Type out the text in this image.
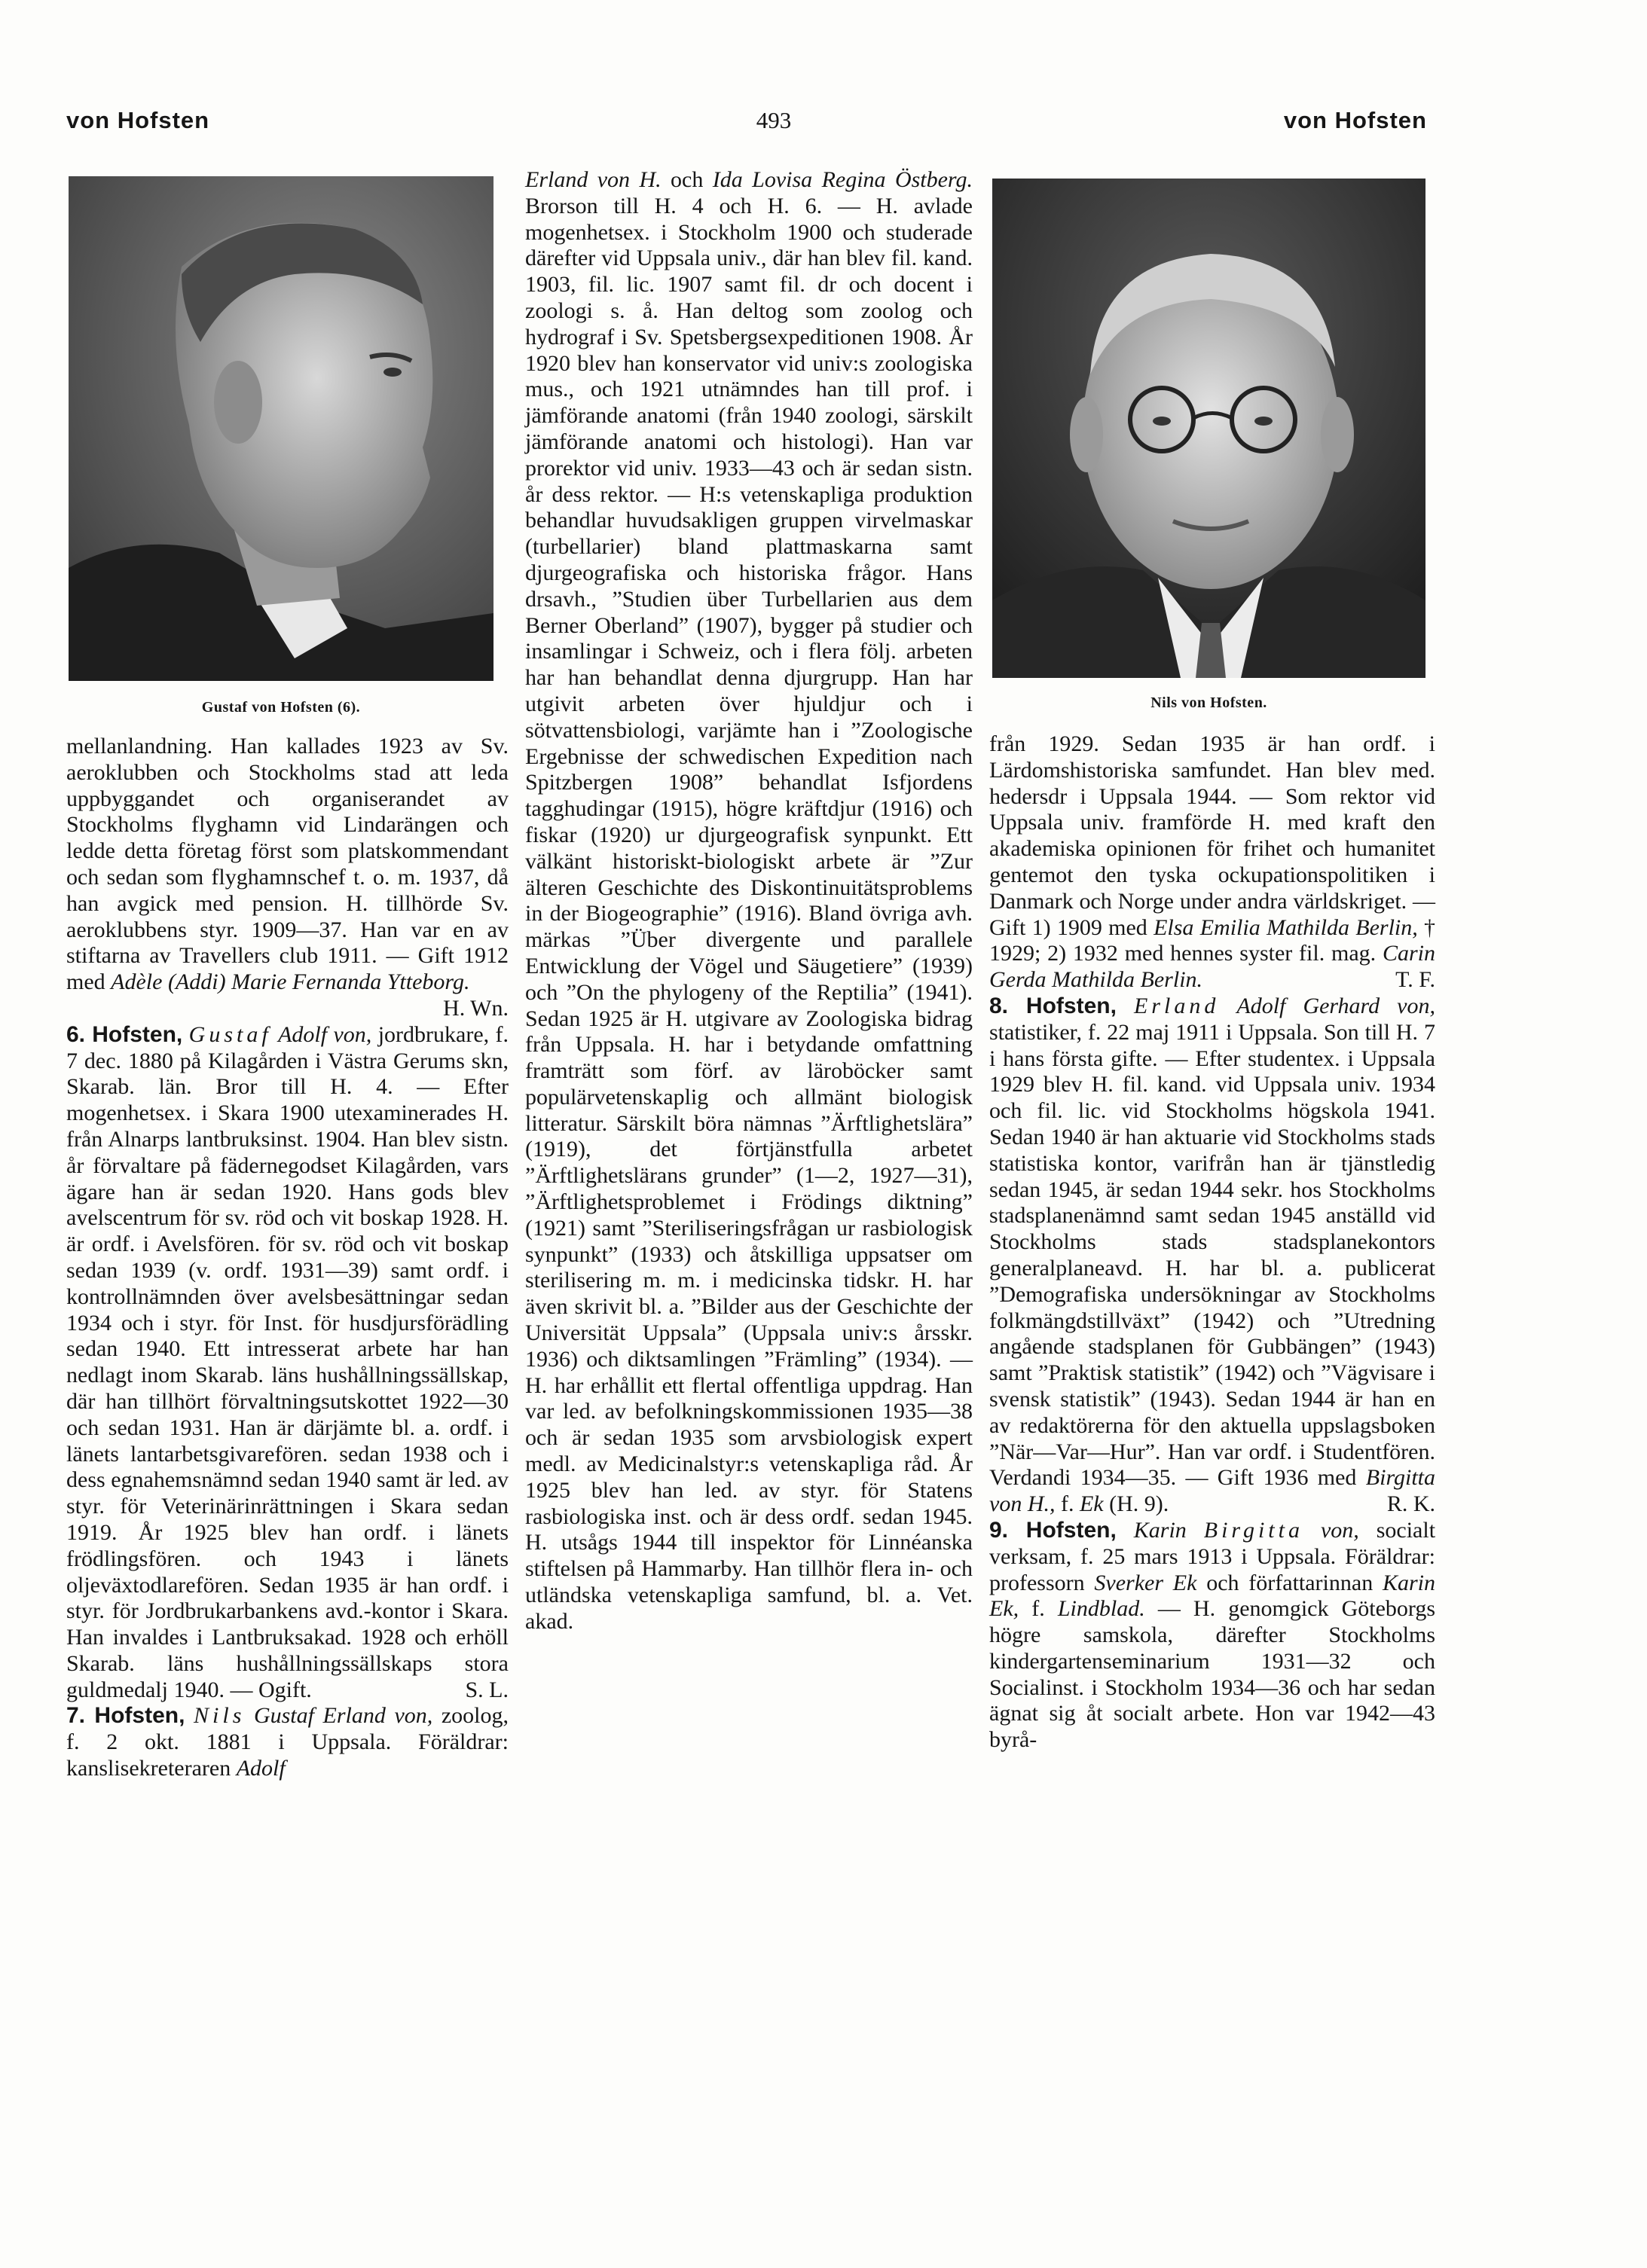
von Hofsten	493	von Hofsten
Gustaf von Hofsten (6).	Nils von Hofsten.

mellanlandning. Han kallades 1923 av Sv. aeroklubben och Stockholms stad att leda uppbyggandet och organiserandet av Stockholms flyghamn vid Lindarängen och ledde detta företag först som platskommendant och sedan som flyghamnschef t. o. m. 1937, då han avgick med pension. H. tillhörde Sv. aeroklubbens styr. 1909—37. Han var en av stiftarna av Travellers club 1911. — Gift 1912 med Adèle (Addi) Marie Fernanda Ytteborg.
H. Wn.

6. Hofsten, Gustaf Adolf von, jordbrukare, f. 7 dec. 1880 på Kilagården i Västra Gerums skn, Skarab. län. Bror till H. 4. — Efter mogenhetsex. i Skara 1900 utexaminerades H. från Alnarps lantbruksinst. 1904. Han blev sistn. år förvaltare på fädernegodset Kilagården, vars ägare han är sedan 1920. Hans gods blev avelscentrum för sv. röd och vit boskap 1928. H. är ordf. i Avelsfören. för sv. röd och vit boskap sedan 1939 (v. ordf. 1931—39) samt ordf. i kontrollnämnden över avelsbesättningar sedan 1934 och i styr. för Inst. för husdjursförädling sedan 1940. Ett intresserat arbete har han nedlagt inom Skarab. läns hushållningssällskap, där han tillhört förvaltningsutskottet 1922—30 och sedan 1931. Han är därjämte bl. a. ordf. i länets lantarbetsgivarefören. sedan 1938 och i dess egnahemsnämnd sedan 1940 samt är led. av styr. för Veterinärinrättningen i Skara sedan 1919. År 1925 blev han ordf. i länets frödlingsfören. och 1943 i länets oljeväxtodlarefören. Sedan 1935 är han ordf. i styr. för Jordbrukarbankens avd.-kontor i Skara. Han invaldes i Lantbruksakad. 1928 och erhöll Skarab. läns hushållningssällskaps stora guldmedalj 1940. — Ogift.	S. L.

7. Hofsten, Nils Gustaf Erland von, zoolog, f. 2 okt. 1881 i Uppsala. Föräldrar: kanslisekreteraren Adolf

Erland von H. och Ida Lovisa Regina Östberg. Brorson till H. 4 och H. 6. — H. avlade mogenhetsex. i Stockholm 1900 och studerade därefter vid Uppsala univ., där han blev fil. kand. 1903, fil. lic. 1907 samt fil. dr och docent i zoologi s. å. Han deltog som zoolog och hydrograf i Sv. Spetsbergsexpeditionen 1908. År 1920 blev han konservator vid univ:s zoologiska mus., och 1921 utnämndes han till prof. i jämförande anatomi (från 1940 zoologi, särskilt jämförande anatomi och histologi). Han var prorektor vid univ. 1933—43 och är sedan sistn. år dess rektor. — H:s vetenskapliga produktion behandlar huvudsakligen gruppen virvelmaskar (turbellarier) bland plattmaskarna samt djurgeografiska och historiska frågor. Hans drsavh., ”Studien über Turbellarien aus dem Berner Oberland” (1907), bygger på studier och insamlingar i Schweiz, och i flera följ. arbeten har han behandlat denna djurgrupp. Han har utgivit arbeten över hjuldjur och i sötvattensbiologi, varjämte han i ”Zoologische Ergebnisse der schwedischen Expedition nach Spitzbergen 1908” behandlat Isfjordens tagghudingar (1915), högre kräftdjur (1916) och fiskar (1920) ur djurgeografisk synpunkt. Ett välkänt historiskt-biologiskt arbete är ”Zur älteren Geschichte des Diskontinuitätsproblems in der Biogeographie” (1916). Bland övriga avh. märkas ”Über divergente und parallele Entwicklung der Vögel und Säugetiere” (1939) och ”On the phylogeny of the Reptilia” (1941). Sedan 1925 är H. utgivare av Zoologiska bidrag från Uppsala. H. har i betydande omfattning framträtt som förf. av läroböcker samt populärvetenskaplig och allmänt biologisk litteratur. Särskilt böra nämnas ”Ärftlighetslära” (1919), det förtjänstfulla arbetet ”Ärftlighetslärans grunder” (1—2, 1927—31), ”Ärftlighetsproblemet i Frödings diktning” (1921) samt ”Steriliseringsfrågan ur rasbiologisk synpunkt” (1933) och åtskilliga uppsatser om sterilisering m. m. i medicinska tidskr. H. har även skrivit bl. a. ”Bilder aus der Geschichte der Universität Uppsala” (Uppsala univ:s årsskr. 1936) och diktsamlingen ”Främling” (1934). — H. har erhållit ett flertal offentliga uppdrag. Han var led. av befolkningskommissionen 1935—38 och är sedan 1935 som arvsbiologisk expert medl. av Medicinalstyr:s vetenskapliga råd. År 1925 blev han led. av styr. för Statens rasbiologiska inst. och är dess ordf. sedan 1945. H. utsågs 1944 till inspektor för Linnéanska stiftelsen på Hammarby. Han tillhör flera in- och utländska vetenskapliga samfund, bl. a. Vet. akad.

från 1929. Sedan 1935 är han ordf. i Lärdomshistoriska samfundet. Han blev med. hedersdr i Uppsala 1944. — Som rektor vid Uppsala univ. framförde H. med kraft den akademiska opinionen för frihet och humanitet gentemot den tyska ockupationspolitiken i Danmark och Norge under andra världskriget. — Gift 1) 1909 med Elsa Emilia Mathilda Berlin, † 1929; 2) 1932 med hennes syster fil. mag. Carin Gerda Mathilda Berlin.	T. F.

8. Hofsten, Erland Adolf Gerhard von, statistiker, f. 22 maj 1911 i Uppsala. Son till H. 7 i hans första gifte. — Efter studentex. i Uppsala 1929 blev H. fil. kand. vid Uppsala univ. 1934 och fil. lic. vid Stockholms högskola 1941. Sedan 1940 är han aktuarie vid Stockholms stads statistiska kontor, varifrån han är tjänstledig sedan 1945, är sedan 1944 sekr. hos Stockholms stadsplanenämnd samt sedan 1945 anställd vid Stockholms stads stadsplanekontors generalplaneavd. H. har bl. a. publicerat ”Demografiska undersökningar av Stockholms folkmängdstillväxt” (1942) och ”Utredning angående stadsplanen för Gubbängen” (1943) samt ”Praktisk statistik” (1942) och ”Vägvisare i svensk statistik” (1943). Sedan 1944 är han en av redaktörerna för den aktuella uppslagsboken ”När—Var—Hur”. Han var ordf. i Studentfören. Verdandi 1934—35. — Gift 1936 med Birgitta von H., f. Ek (H. 9).	R. K.

9. Hofsten, Karin Birgitta von, socialt verksam, f. 25 mars 1913 i Uppsala. Föräldrar: professorn Sverker Ek och författarinnan Karin Ek, f. Lindblad. — H. genomgick Göteborgs högre samskola, därefter Stockholms kindergartenseminarium 1931—32 och Socialinst. i Stockholm 1934—36 och har sedan ägnat sig åt socialt arbete. Hon var 1942—43 byrå-
